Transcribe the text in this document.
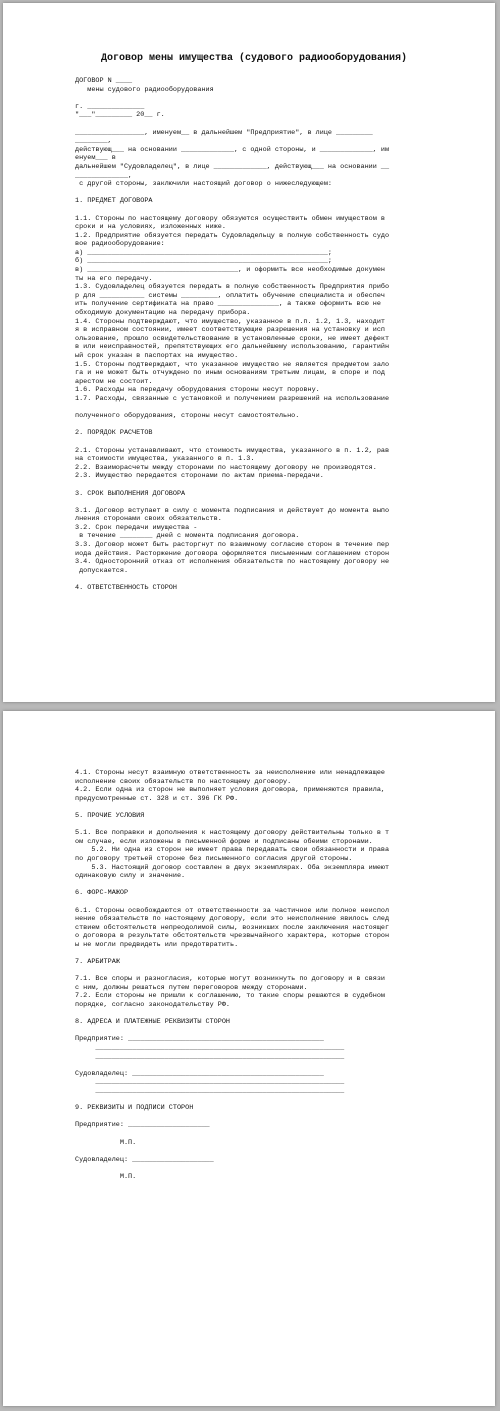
Договор мены имущества (судового радиооборудования)
ДОГОВОР N ____
мены судового радиооборудования
г. ______________
"___"_________ 20__ г.
_________________, именуем__ в дальнейшем "Предприятие", в лице _________
________,
действующ___ на основании _____________, с одной стороны, и _____________, им
енуем___ в
дальнейшем "Судовладелец", в лице _____________, действующ___ на основании __
_____________,
с другой стороны, заключили настоящий договор о нижеследующем:
1. ПРЕДМЕТ ДОГОВОРА
1.1. Стороны по настоящему договору обязуются осуществить обмен имуществом в
сроки и на условиях, изложенных ниже.
1.2. Предприятие обязуется передать Судовладельцу в полную собственность судо
вое радиооборудование:
а) ___________________________________________________________;
б) ___________________________________________________________;
в) _____________________________________, и оформить все необходимые докумен
ты на его передачу.
1.3. Судовладелец обязуется передать в полную собственность Предприятия прибо
р для ___________ системы _________, оплатить обучение специалиста и обеспеч
ить получение сертификата на право _______________, а также оформить всю не
обходимую документацию на передачу прибора.
1.4. Стороны подтверждают, что имущество, указанное в п.п. 1.2, 1.3, находит
я в исправном состоянии, имеет соответствующие разрешения на установку и исп
ользование, прошло освидетельствование в установленные сроки, не имеет дефект
в или неисправностей, препятствующих его дальнейшему использованию, гарантийн
ый срок указан в паспортах на имущество.
1.5. Стороны подтверждают, что указанное имущество не является предметом зало
га и не может быть отчуждено по иным основаниям третьим лицам, в споре и под
арестом не состоит.
1.6. Расходы на передачу оборудования стороны несут поровну.
1.7. Расходы, связанные с установкой и получением разрешений на использование
полученного оборудования, стороны несут самостоятельно.
2. ПОРЯДОК РАСЧЕТОВ
2.1. Стороны устанавливают, что стоимость имущества, указанного в п. 1.2, рав
на стоимости имущества, указанного в п. 1.3.
2.2. Взаиморасчеты между сторонами по настоящему договору не производятся.
2.3. Имущество передается сторонами по актам приема-передачи.
3. СРОК ВЫПОЛНЕНИЯ ДОГОВОРА
3.1. Договор вступает в силу с момента подписания и действует до момента выпо
лнения сторонами своих обязательств.
3.2. Срок передачи имущества -
в течение ________ дней с момента подписания договора.
3.3. Договор может быть расторгнут по взаимному согласию сторон в течение пер
иода действия. Расторжение договора оформляется письменным соглашением сторон
3.4. Односторонний отказ от исполнения обязательств по настоящему договору не
допускается.
4. ОТВЕТСТВЕННОСТЬ СТОРОН
4.1. Стороны несут взаимную ответственность за неисполнение или ненадлежащее
исполнение своих обязательств по настоящему договору.
4.2. Если одна из сторон не выполняет условия договора, применяются правила,
предусмотренные ст. 328 и ст. 396 ГК РФ.
5. ПРОЧИЕ УСЛОВИЯ
5.1. Все поправки и дополнения к настоящему договору действительны только в т
ом случае, если изложены в письменной форме и подписаны обеими сторонами.
5.2. Ни одна из сторон не имеет права передавать свои обязанности и права
по договору третьей стороне без письменного согласия другой стороны.
5.3. Настоящий договор составлен в двух экземплярах. Оба экземпляра имеют
одинаковую силу и значение.
6. ФОРС-МАЖОР
6.1. Стороны освобождаются от ответственности за частичное или полное неиспол
нение обязательств по настоящему договору, если это неисполнение явилось след
ствием обстоятельств непреодолимой силы, возникших после заключения настоящег
о договора в результате обстоятельств чрезвычайного характера, которые сторон
ы не могли предвидеть или предотвратить.
7. АРБИТРАЖ
7.1. Все споры и разногласия, которые могут возникнуть по договору и в связи
с ним, должны решаться путем переговоров между сторонами.
7.2. Если стороны не пришли к соглашению, то такие споры решаются в судебном
порядке, согласно законодательству РФ.
8. АДРЕСА И ПЛАТЕЖНЫЕ РЕКВИЗИТЫ СТОРОН
Предприятие: ________________________________________________
_____________________________________________________________
_____________________________________________________________
Судовладелец: _______________________________________________
_____________________________________________________________
_____________________________________________________________
9. РЕКВИЗИТЫ И ПОДПИСИ СТОРОН
Предприятие: ____________________
М.П.
Судовладелец: ____________________
М.П.
